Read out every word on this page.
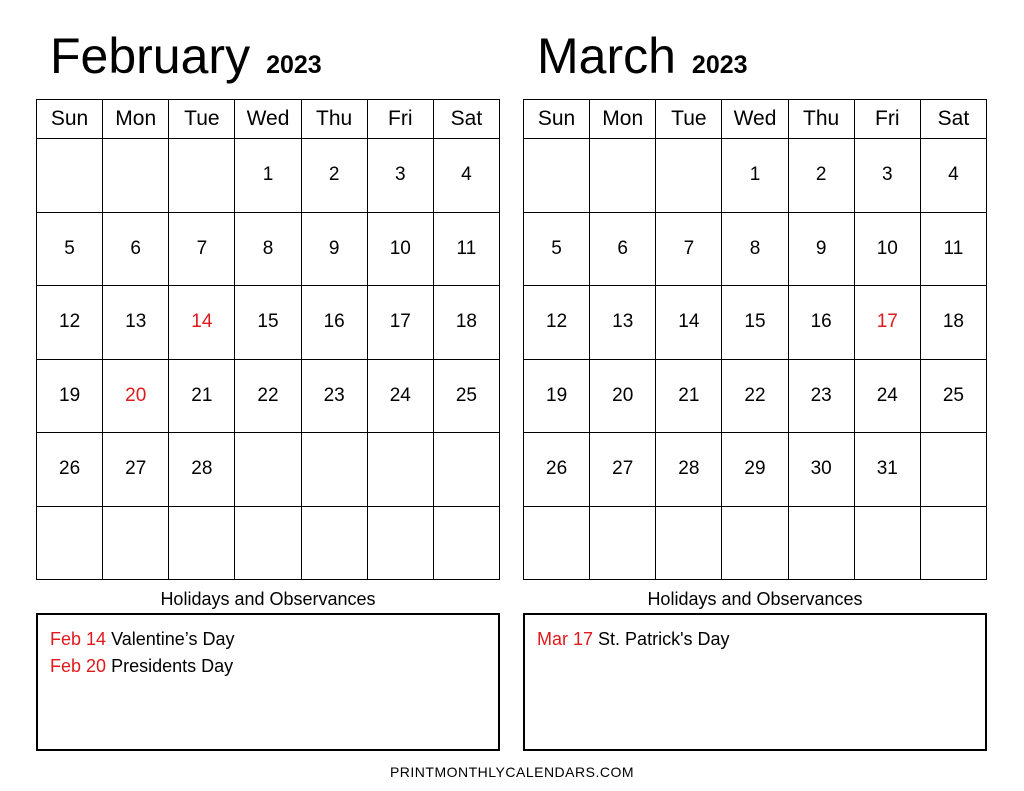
February 2023
Sun	Mon	Tue	Wed	Thu	Fri	Sat
			1	2	3	4
5	6	7	8	9	10	11
12	13	14	15	16	17	18
19	20	21	22	23	24	25
26	27	28				

Holidays and Observances
Feb 14 Valentine’s Day
Feb 20 Presidents Day
March 2023
Sun	Mon	Tue	Wed	Thu	Fri	Sat
			1	2	3	4
5	6	7	8	9	10	11
12	13	14	15	16	17	18
19	20	21	22	23	24	25
26	27	28	29	30	31	

Holidays and Observances
Mar 17 St. Patrick's Day
PRINTMONTHLYCALENDARS.COM
